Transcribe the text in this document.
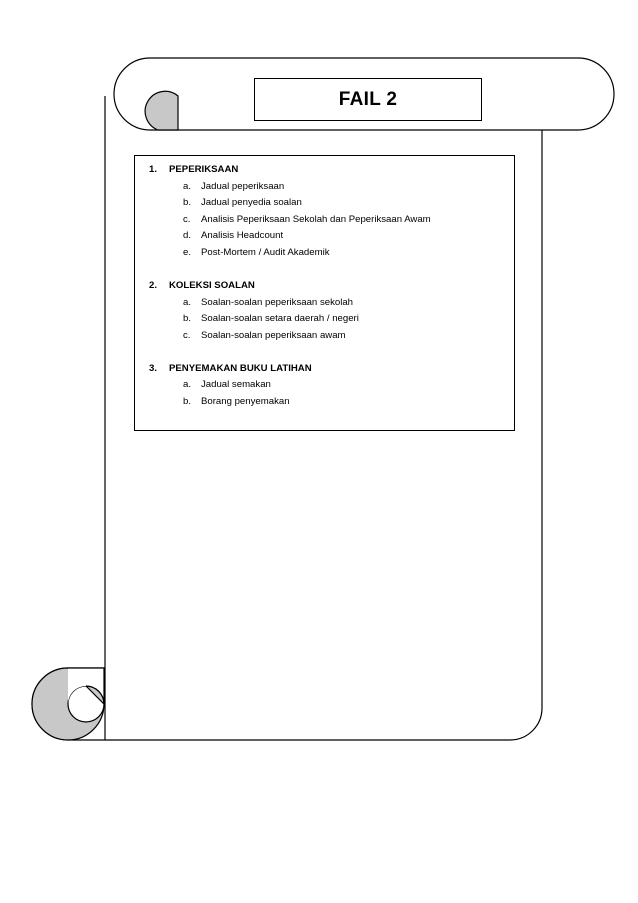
FAIL 2
1. PEPERIKSAAN
a. Jadual peperiksaan
b. Jadual penyedia soalan
c. Analisis Peperiksaan Sekolah dan Peperiksaan Awam
d. Analisis Headcount
e. Post-Mortem / Audit Akademik
2. KOLEKSI SOALAN
a. Soalan-soalan peperiksaan sekolah
b. Soalan-soalan setara daerah / negeri
c. Soalan-soalan peperiksaan awam
3. PENYEMAKAN BUKU LATIHAN
a. Jadual semakan
b. Borang penyemakan
